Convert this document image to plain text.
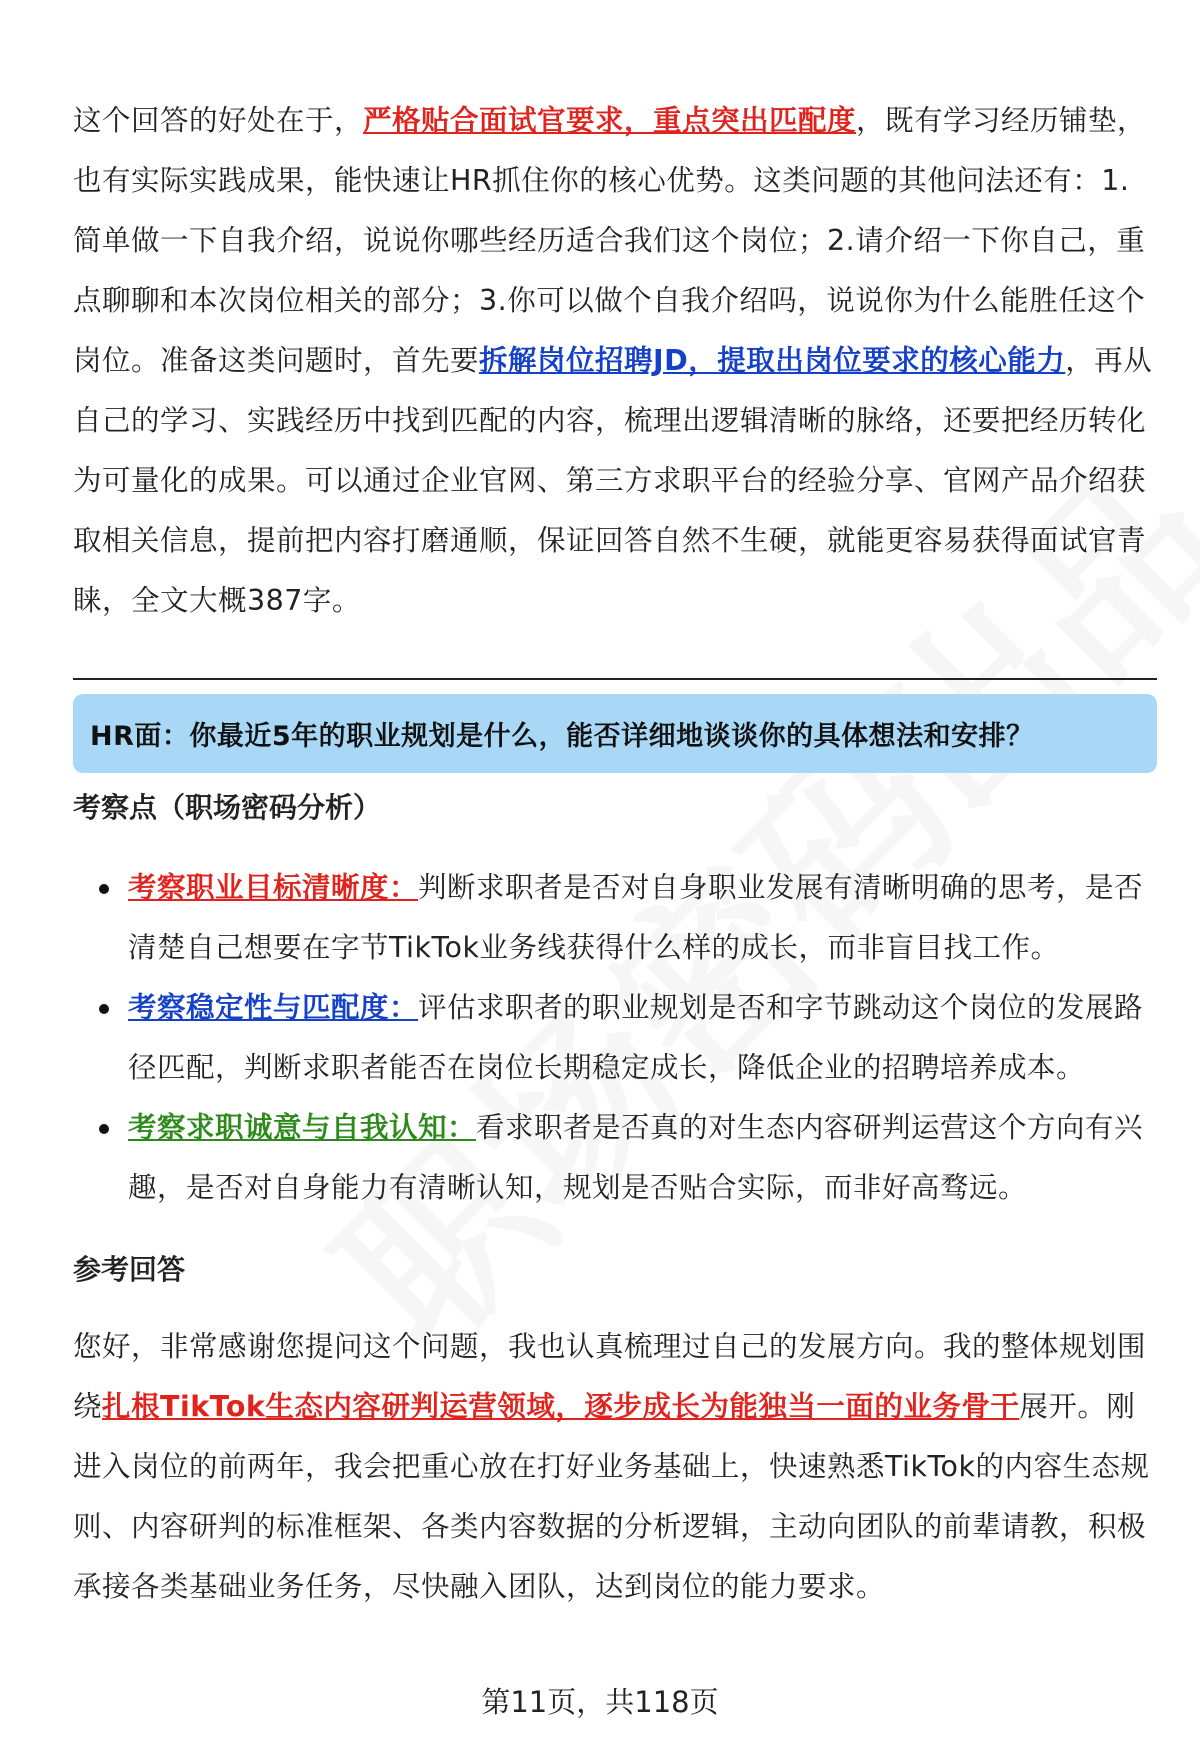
这个回答的好处在于，严格贴合面试官要求，重点突出匹配度，既有学习经历铺垫，也有实际实践成果，能快速让HR抓住你的核心优势。这类问题的其他问法还有：1.简单做一下自我介绍，说说你哪些经历适合我们这个岗位；2.请介绍一下你自己，重点聊聊和本次岗位相关的部分；3.你可以做个自我介绍吗，说说你为什么能胜任这个岗位。准备这类问题时，首先要拆解岗位招聘JD，提取出岗位要求的核心能力，再从自己的学习、实践经历中找到匹配的内容，梳理出逻辑清晰的脉络，还要把经历转化为可量化的成果。可以通过企业官网、第三方求职平台的经验分享、官网产品介绍获取相关信息，提前把内容打磨通顺，保证回答自然不生硬，就能更容易获得面试官青睐，全文大概387字。

HR面：你最近5年的职业规划是什么，能否详细地谈谈你的具体想法和安排？
考察点（职场密码分析）
考察职业目标清晰度：判断求职者是否对自身职业发展有清晰明确的思考，是否清楚自己想要在字节TikTok业务线获得什么样的成长，而非盲目找工作。
考察稳定性与匹配度：评估求职者的职业规划是否和字节跳动这个岗位的发展路径匹配，判断求职者能否在岗位长期稳定成长，降低企业的招聘培养成本。
考察求职诚意与自我认知：看求职者是否真的对生态内容研判运营这个方向有兴趣，是否对自身能力有清晰认知，规划是否贴合实际，而非好高骛远。
参考回答

您好，非常感谢您提问这个问题，我也认真梳理过自己的发展方向。我的整体规划围绕扎根TikTok生态内容研判运营领域，逐步成长为能独当一面的业务骨干展开。刚进入岗位的前两年，我会把重心放在打好业务基础上，快速熟悉TikTok的内容生态规则、内容研判的标准框架、各类内容数据的分析逻辑，主动向团队的前辈请教，积极承接各类基础业务任务，尽快融入团队，达到岗位的能力要求。

第11页，共118页
